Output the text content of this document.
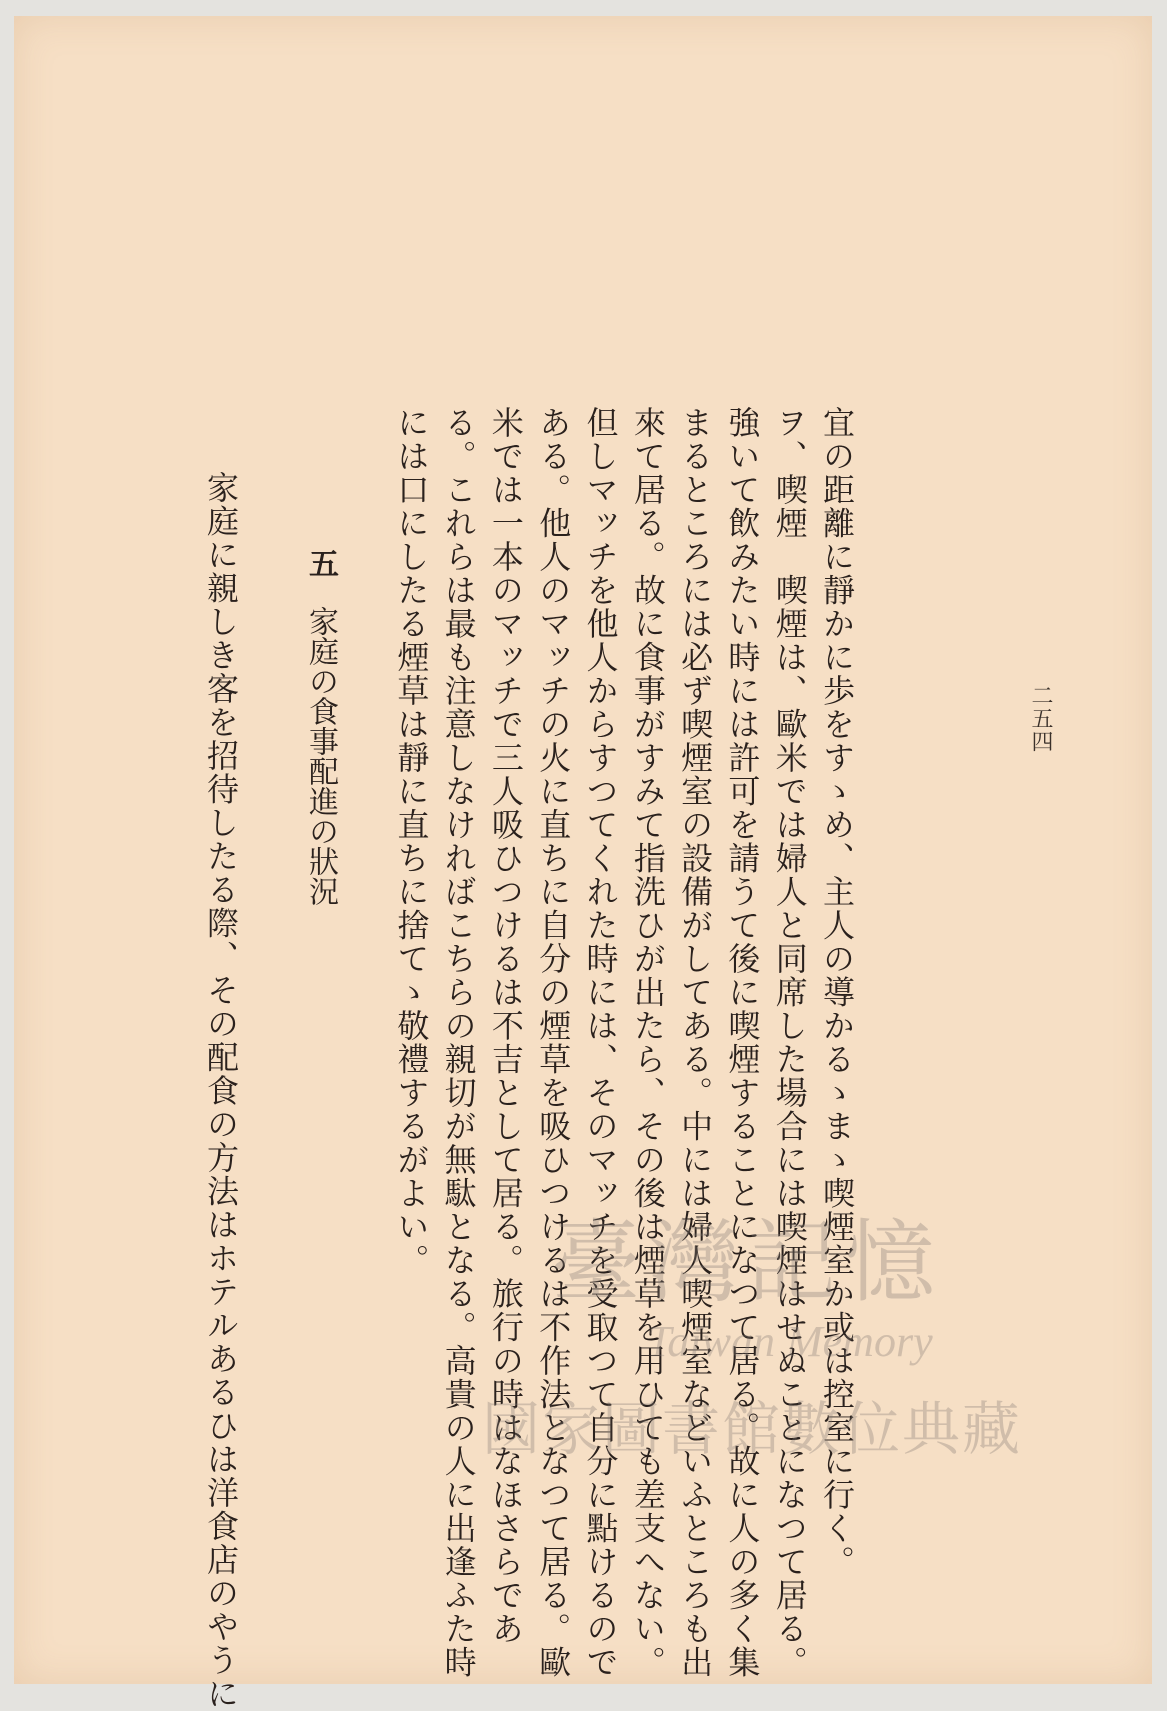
二五四

宜の距離に靜かに歩をすゝめ、主人の導かるゝまゝ喫煙室か或は控室に行く。

ヲ、喫煙　喫煙は、歐米では婦人と同席した場合には喫煙はせぬことになつて居る。

強いて飲みたい時には許可を請うて後に喫煙することになつて居る。故に人の多く集

まるところには必ず喫煙室の設備がしてある。中には婦人喫煙室などいふところも出

來て居る。故に食事がすみて指洗ひが出たら、その後は煙草を用ひても差支へない。

但しマッチを他人からすつてくれた時には、そのマッチを受取つて自分に點けるので

ある。他人のマッチの火に直ちに自分の煙草を吸ひつけるは不作法となつて居る。歐

米では一本のマッチで三人吸ひつけるは不吉として居る。旅行の時はなほさらであ

る。これらは最も注意しなければこちらの親切が無駄となる。高貴の人に出逢ふた時

には口にしたる煙草は靜に直ちに捨てゝ敬禮するがよい。

五家庭の食事配進の狀況

家庭に親しき客を招待したる際、その配食の方法はホテルあるひは洋食店のやうに	臺灣記憶
Taiwan Memory
國家圖書館數位典藏
